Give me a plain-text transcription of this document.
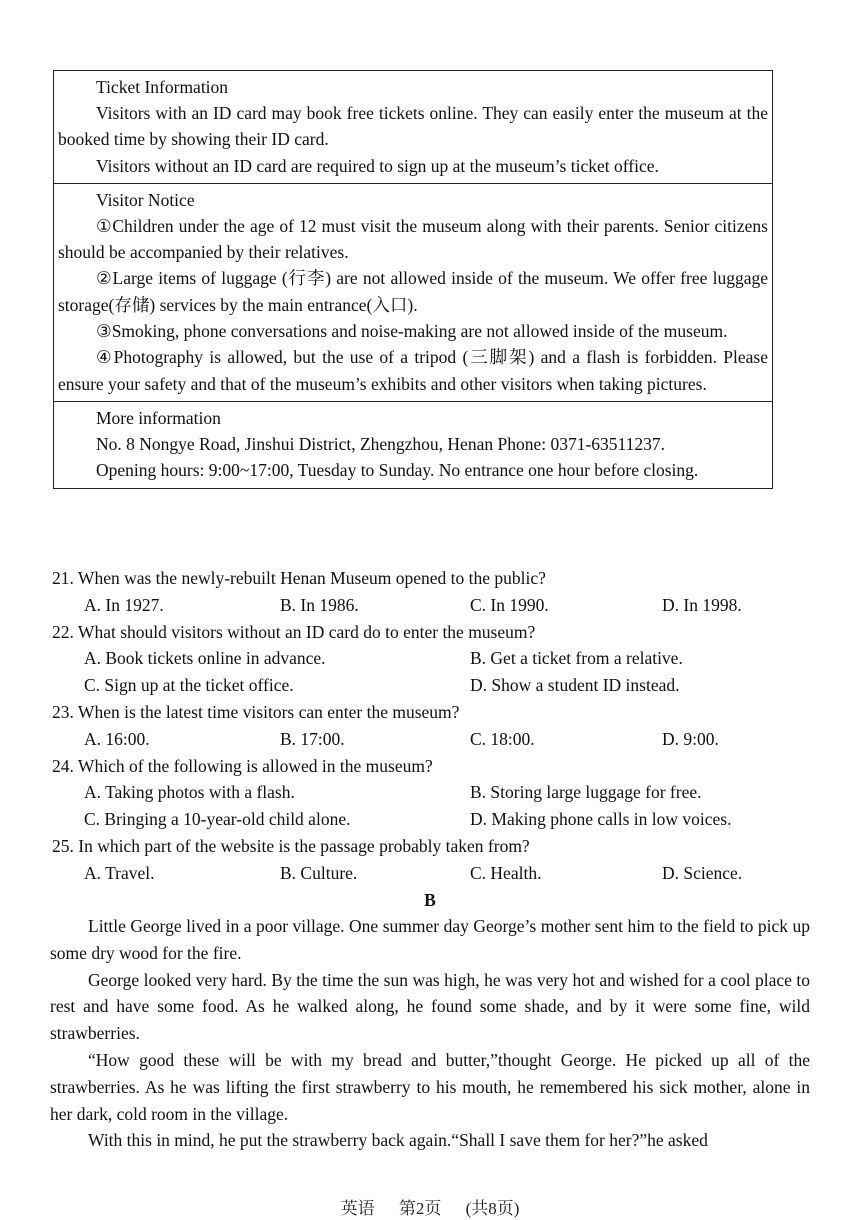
Ticket Information

Visitors with an ID card may book free tickets online. They can easily enter the museum at the booked time by showing their ID card.

Visitors without an ID card are required to sign up at the museum’s ticket office.

Visitor Notice

①Children under the age of 12 must visit the museum along with their parents. Senior citizens should be accompanied by their relatives.

②Large items of luggage (行李) are not allowed inside of the museum. We offer free luggage storage(存储) services by the main entrance(入口).

③Smoking, phone conversations and noise-making are not allowed inside of the museum.

④Photography is allowed, but the use of a tripod (三脚架) and a flash is forbidden. Please ensure your safety and that of the museum’s exhibits and other visitors when taking pictures.

More information

No. 8 Nongye Road, Jinshui District, Zhengzhou, Henan Phone: 0371-63511237.

Opening hours: 9:00~17:00, Tuesday to Sunday. No entrance one hour before closing.

21. When was the newly-rebuilt Henan Museum opened to the public?

A. In 1927.	B. In 1986.	C. In 1990.	D. In 1998.

22. What should visitors without an ID card do to enter the museum?

A. Book tickets online in advance.	B. Get a ticket from a relative.
C. Sign up at the ticket office.	D. Show a student ID instead.

23. When is the latest time visitors can enter the museum?

A. 16:00.	B. 17:00.	C. 18:00.	D. 9:00.

24. Which of the following is allowed in the museum?

A. Taking photos with a flash.	B. Storing large luggage for free.
C. Bringing a 10-year-old child alone.	D. Making phone calls in low voices.

25. In which part of the website is the passage probably taken from?

A. Travel.	B. Culture.	C. Health.	D. Science.
B

Little George lived in a poor village. One summer day George’s mother sent him to the field to pick up some dry wood for the fire.

George looked very hard. By the time the sun was high, he was very hot and wished for a cool place to rest and have some food. As he walked along, he found some shade, and by it were some fine, wild strawberries.

“How good these will be with my bread and butter,”thought George. He picked up all of the strawberries. As he was lifting the first strawberry to his mouth, he remembered his sick mother, alone in her dark, cold room in the village.

With this in mind, he put the strawberry back again.“Shall I save them for her?”he asked

英语 第2页 (共8页)
